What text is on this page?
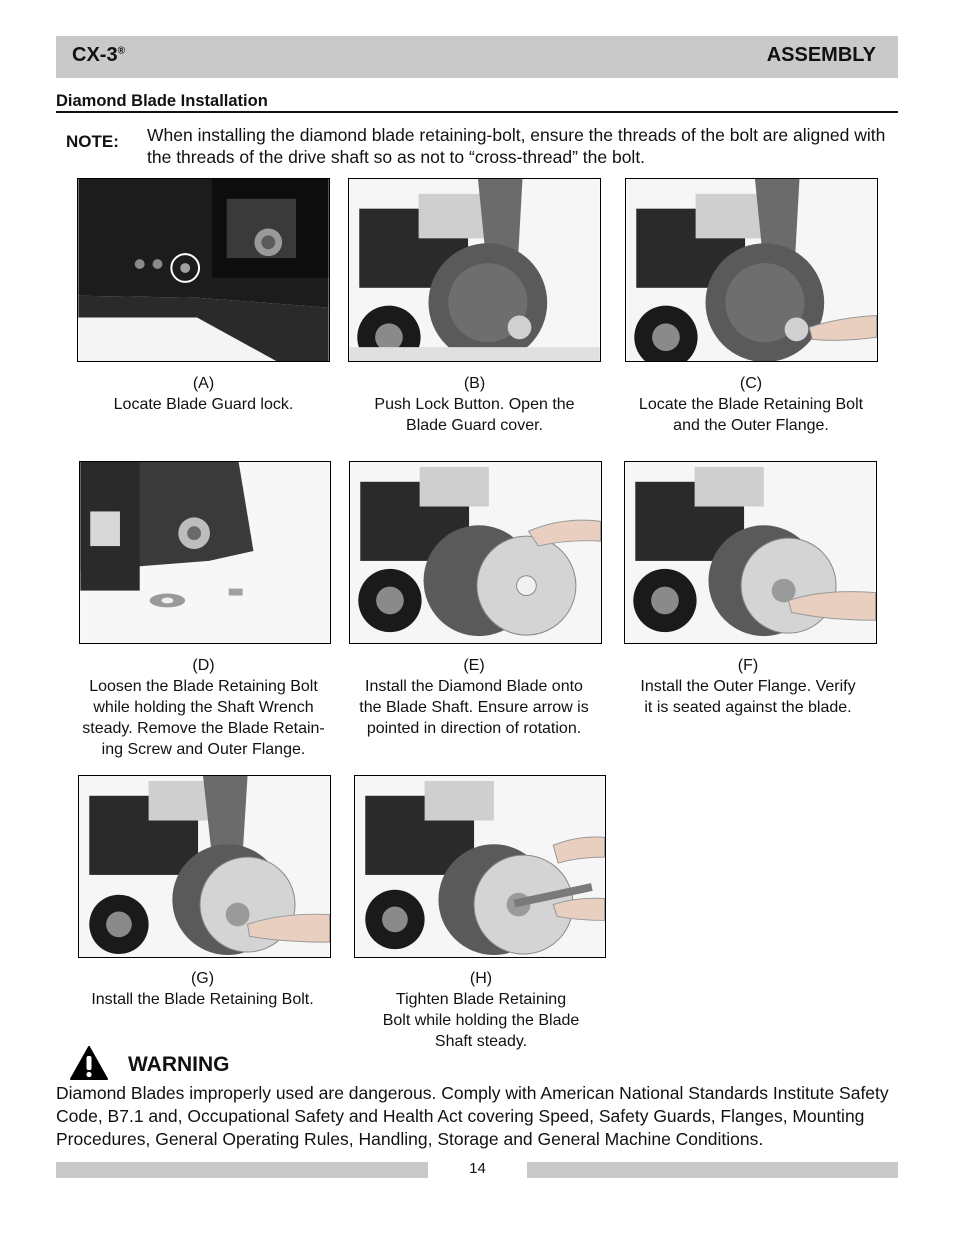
CX-3®	ASSEMBLY
Diamond Blade Installation
NOTE: When installing the diamond blade retaining-bolt, ensure the threads of the bolt are aligned with the threads of the drive shaft so as not to “cross-thread” the bolt.
(A)
Locate Blade Guard lock.
(B)
Push Lock Button. Open the
Blade Guard cover.
(C)
Locate the Blade Retaining Bolt
and the Outer Flange.
(D)
Loosen the Blade Retaining Bolt
while holding the Shaft Wrench
steady. Remove the Blade Retain-
ing Screw and Outer Flange.
(E)
Install the Diamond Blade onto
the Blade Shaft. Ensure arrow is
pointed in direction of rotation.
(F)
Install the Outer Flange. Verify
it is seated against the blade.
(G)
Install the Blade Retaining Bolt.
(H)
Tighten Blade Retaining
Bolt while holding the Blade
Shaft steady.
WARNING
Diamond Blades improperly used are dangerous. Comply with American National Standards Institute Safety Code, B7.1 and, Occupational Safety and Health Act covering Speed, Safety Guards, Flanges, Mounting Procedures, General Operating Rules, Handling, Storage and General Machine Conditions.
14
